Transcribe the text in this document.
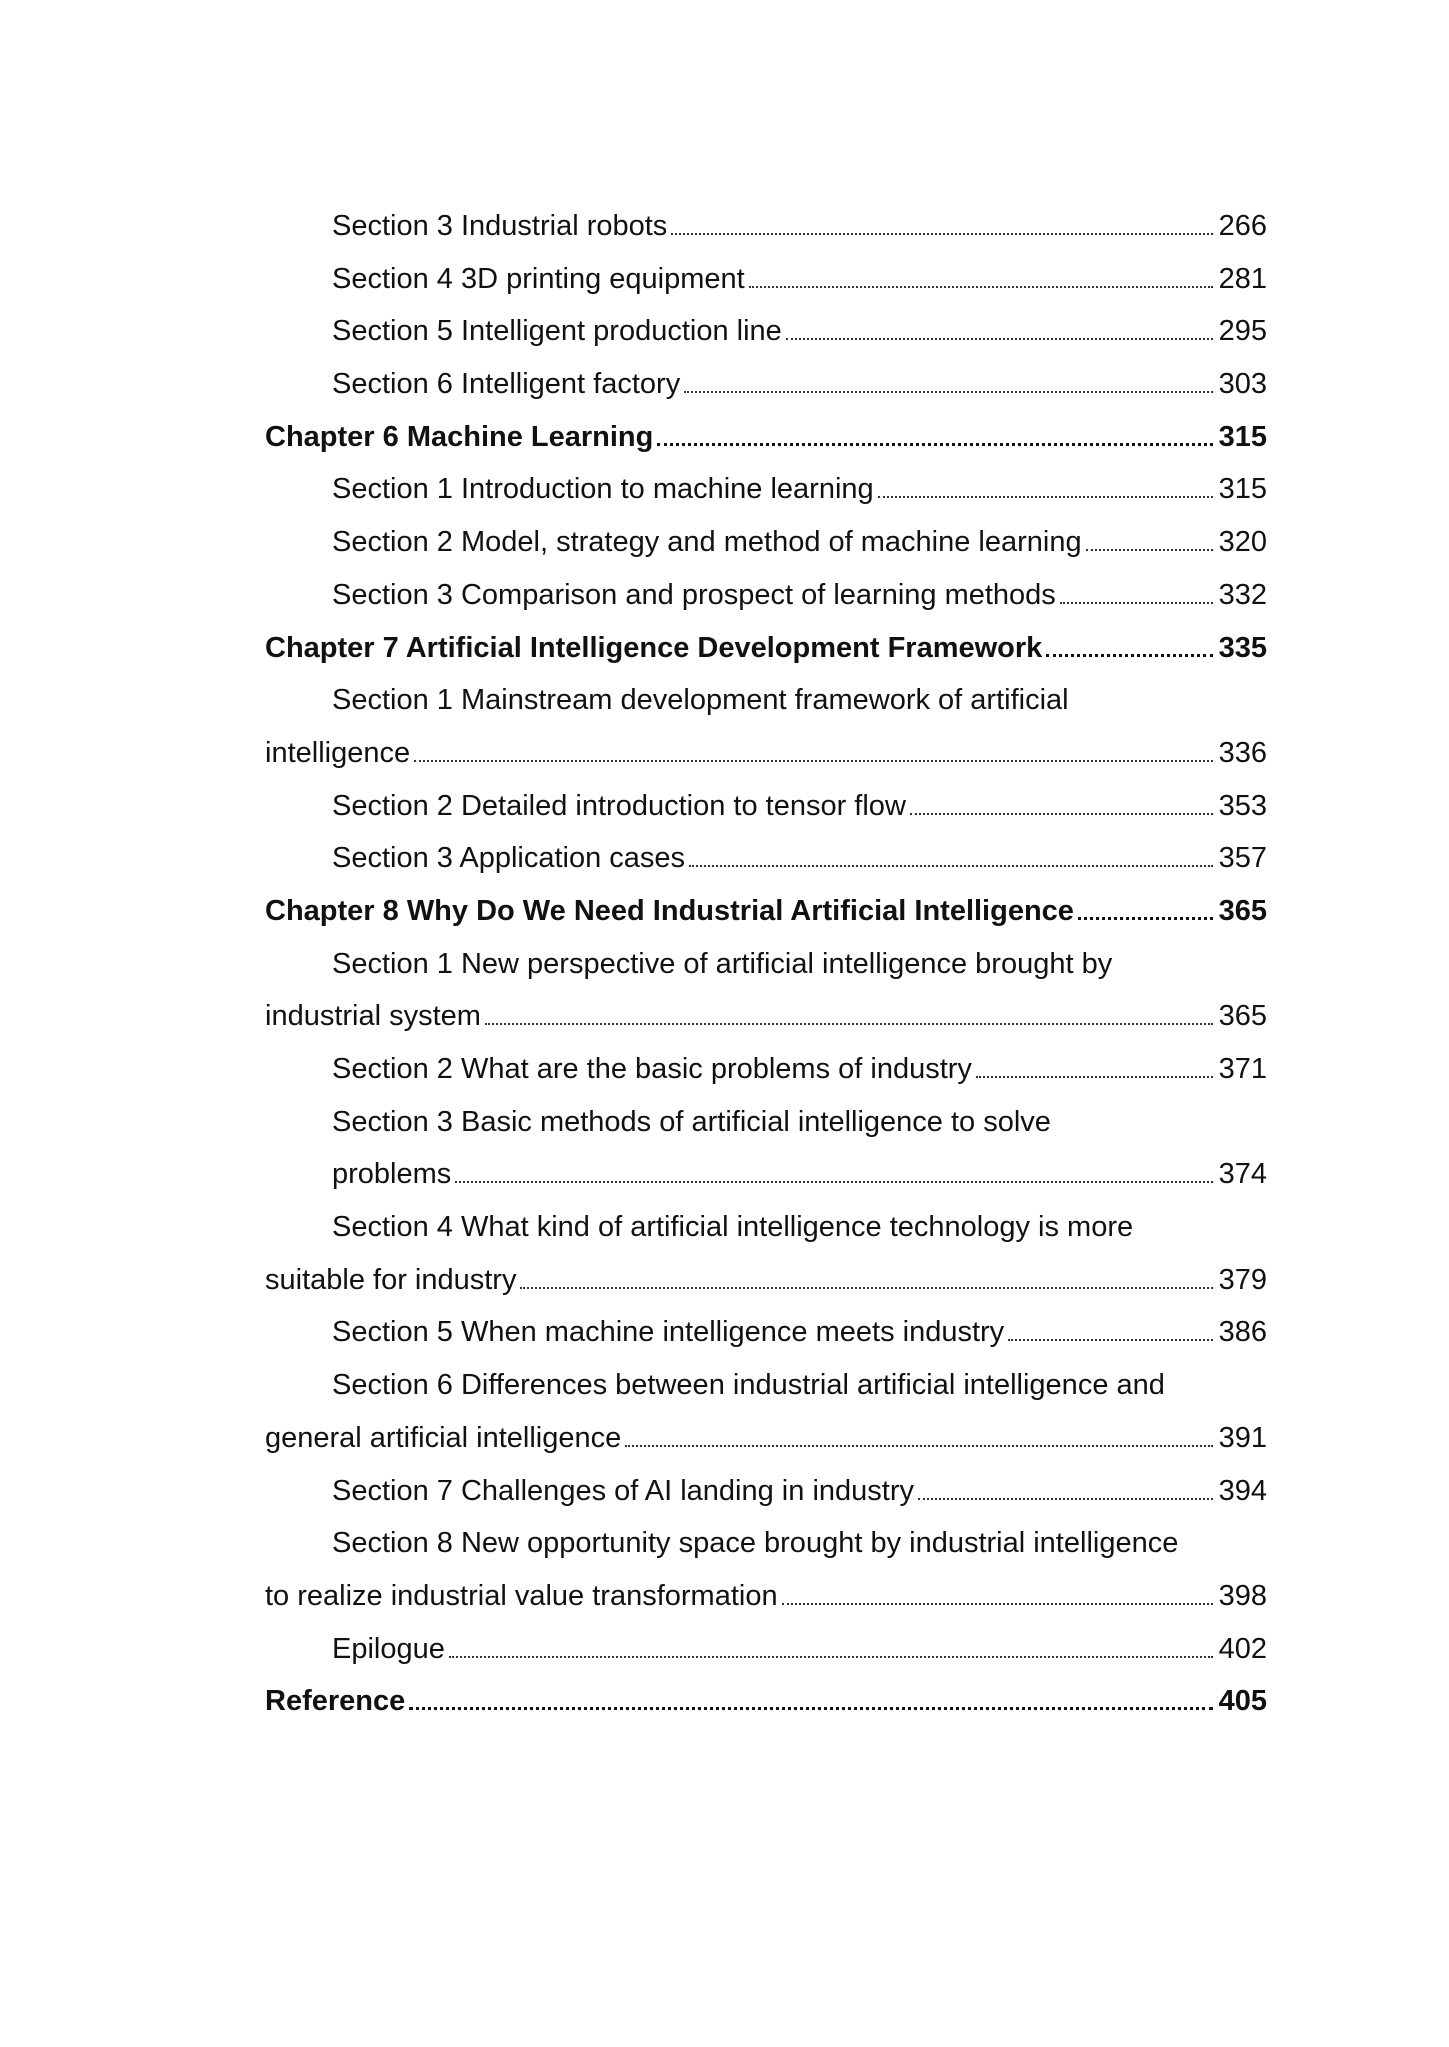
Section 3 Industrial robots	266
Section 4 3D printing equipment	281
Section 5 Intelligent production line	295
Section 6 Intelligent factory	303
Chapter 6 Machine Learning	315
Section 1 Introduction to machine learning	315
Section 2 Model, strategy and method of machine learning	320
Section 3 Comparison and prospect of learning methods	332
Chapter 7 Artificial Intelligence Development Framework	335
Section 1 Mainstream development framework of artificial
intelligence	336
Section 2 Detailed introduction to tensor flow	353
Section 3 Application cases	357
Chapter 8 Why Do We Need Industrial Artificial Intelligence	365
Section 1 New perspective of artificial intelligence brought by
industrial system	365
Section 2 What are the basic problems of industry	371
Section 3 Basic methods of artificial intelligence to solve
problems	374
Section 4 What kind of artificial intelligence technology is more
suitable for industry	379
Section 5 When machine intelligence meets industry	386
Section 6 Differences between industrial artificial intelligence and
general artificial intelligence	391
Section 7 Challenges of AI landing in industry	394
Section 8 New opportunity space brought by industrial intelligence
to realize industrial value transformation	398
Epilogue	402
Reference	405
